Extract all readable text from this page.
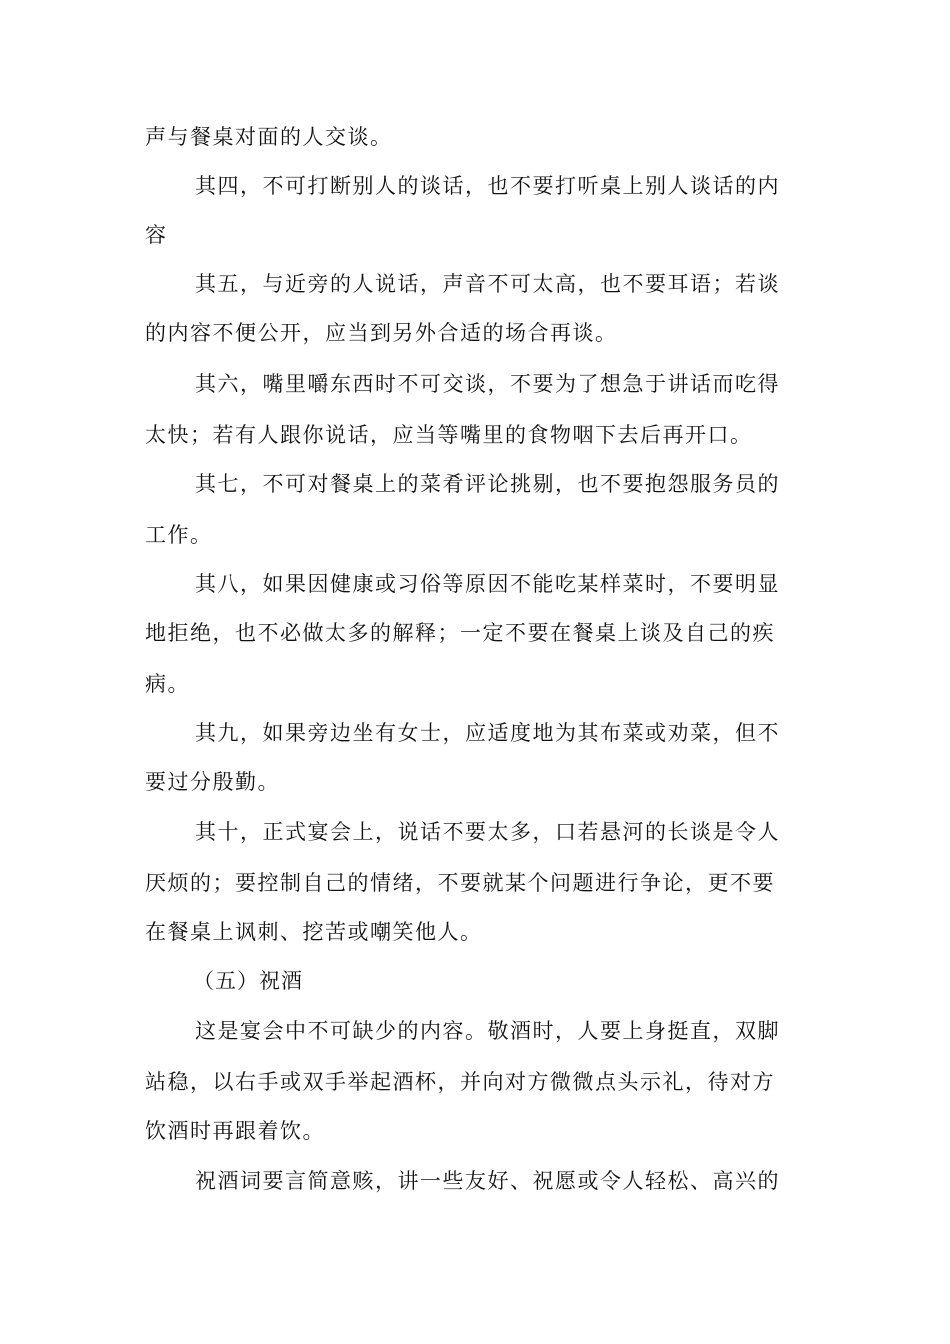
声与餐桌对面的人交谈。
其四，不可打断别人的谈话，也不要打听桌上别人谈话的内
容
其五，与近旁的人说话，声音不可太高，也不要耳语；若谈
的内容不便公开，应当到另外合适的场合再谈。
其六，嘴里嚼东西时不可交谈，不要为了想急于讲话而吃得
太快；若有人跟你说话，应当等嘴里的食物咽下去后再开口。
其七，不可对餐桌上的菜肴评论挑剔，也不要抱怨服务员的
工作。
其八，如果因健康或习俗等原因不能吃某样菜时，不要明显
地拒绝，也不必做太多的解释；一定不要在餐桌上谈及自己的疾
病。
其九，如果旁边坐有女士，应适度地为其布菜或劝菜，但不
要过分殷勤。
其十，正式宴会上，说话不要太多，口若悬河的长谈是令人
厌烦的；要控制自己的情绪，不要就某个问题进行争论，更不要
在餐桌上讽刺、挖苦或嘲笑他人。
（五）祝酒
这是宴会中不可缺少的内容。敬酒时，人要上身挺直，双脚
站稳，以右手或双手举起酒杯，并向对方微微点头示礼，待对方
饮酒时再跟着饮。
祝酒词要言简意赅，讲一些友好、祝愿或令人轻松、高兴的
